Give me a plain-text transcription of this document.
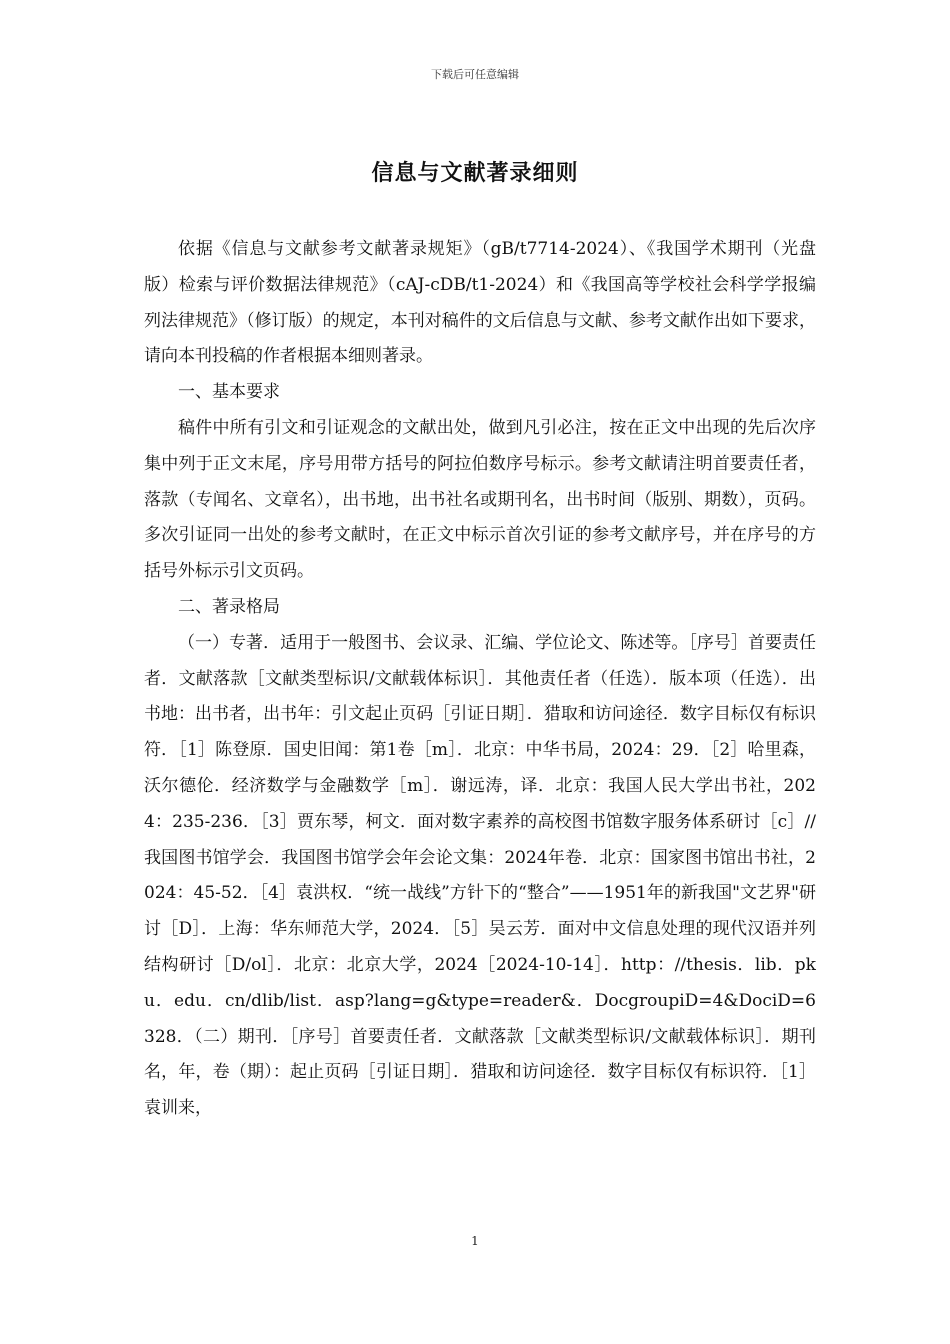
下载后可任意编辑
信息与文献著录细则

依据《信息与文献参考文献著录规矩》（gB/t7714-2024）、《我国学术期刊（光盘版）检索与评价数据法律规范》（cAJ-cDB/t1-2024）和《我国高等学校社会科学学报编列法律规范》（修订版）的规定，本刊对稿件的文后信息与文献、参考文献作出如下要求，请向本刊投稿的作者根据本细则著录。

一、基本要求

稿件中所有引文和引证观念的文献出处，做到凡引必注，按在正文中出现的先后次序集中列于正文末尾，序号用带方括号的阿拉伯数序号标示。参考文献请注明首要责任者，落款（专闻名、文章名），出书地，出书社名或期刊名，出书时间（版别、期数），页码。多次引证同一出处的参考文献时，在正文中标示首次引证的参考文献序号，并在序号的方括号外标示引文页码。

二、著录格局

（一）专著．适用于一般图书、会议录、汇编、学位论文、陈述等。［序号］首要责任者．文献落款［文献类型标识/文献载体标识］．其他责任者（任选）．版本项（任选）．出书地：出书者，出书年：引文起止页码［引证日期］．猎取和访问途径．数字目标仅有标识符．［1］陈登原．国史旧闻：第1卷［m］．北京：中华书局，2024：29．［2］哈里森，沃尔德伦．经济数学与金融数学［m］．谢远涛，译．北京：我国人民大学出书社，2024：235-236．［3］贾东琴，柯文．面对数字素养的高校图书馆数字服务体系研讨［c］//我国图书馆学会．我国图书馆学会年会论文集：2024年卷．北京：国家图书馆出书社，2024：45-52．［4］袁洪权．“统一战线”方针下的“整合”——1951年的新我国"文艺界"研讨［D］．上海：华东师范大学，2024．［5］吴云芳．面对中文信息处理的现代汉语并列结构研讨［D/ol］．北京：北京大学，2024［2024-10-14］．http：//thesis．lib．pku．edu．cn/dlib/list．asp?lang=g&type=reader&．DocgroupiD=4&DociD=6328．（二）期刊．［序号］首要责任者．文献落款［文献类型标识/文献载体标识］．期刊名，年，卷（期）：起止页码［引证日期］．猎取和访问途径．数字目标仅有标识符．［1］袁训来，

1
